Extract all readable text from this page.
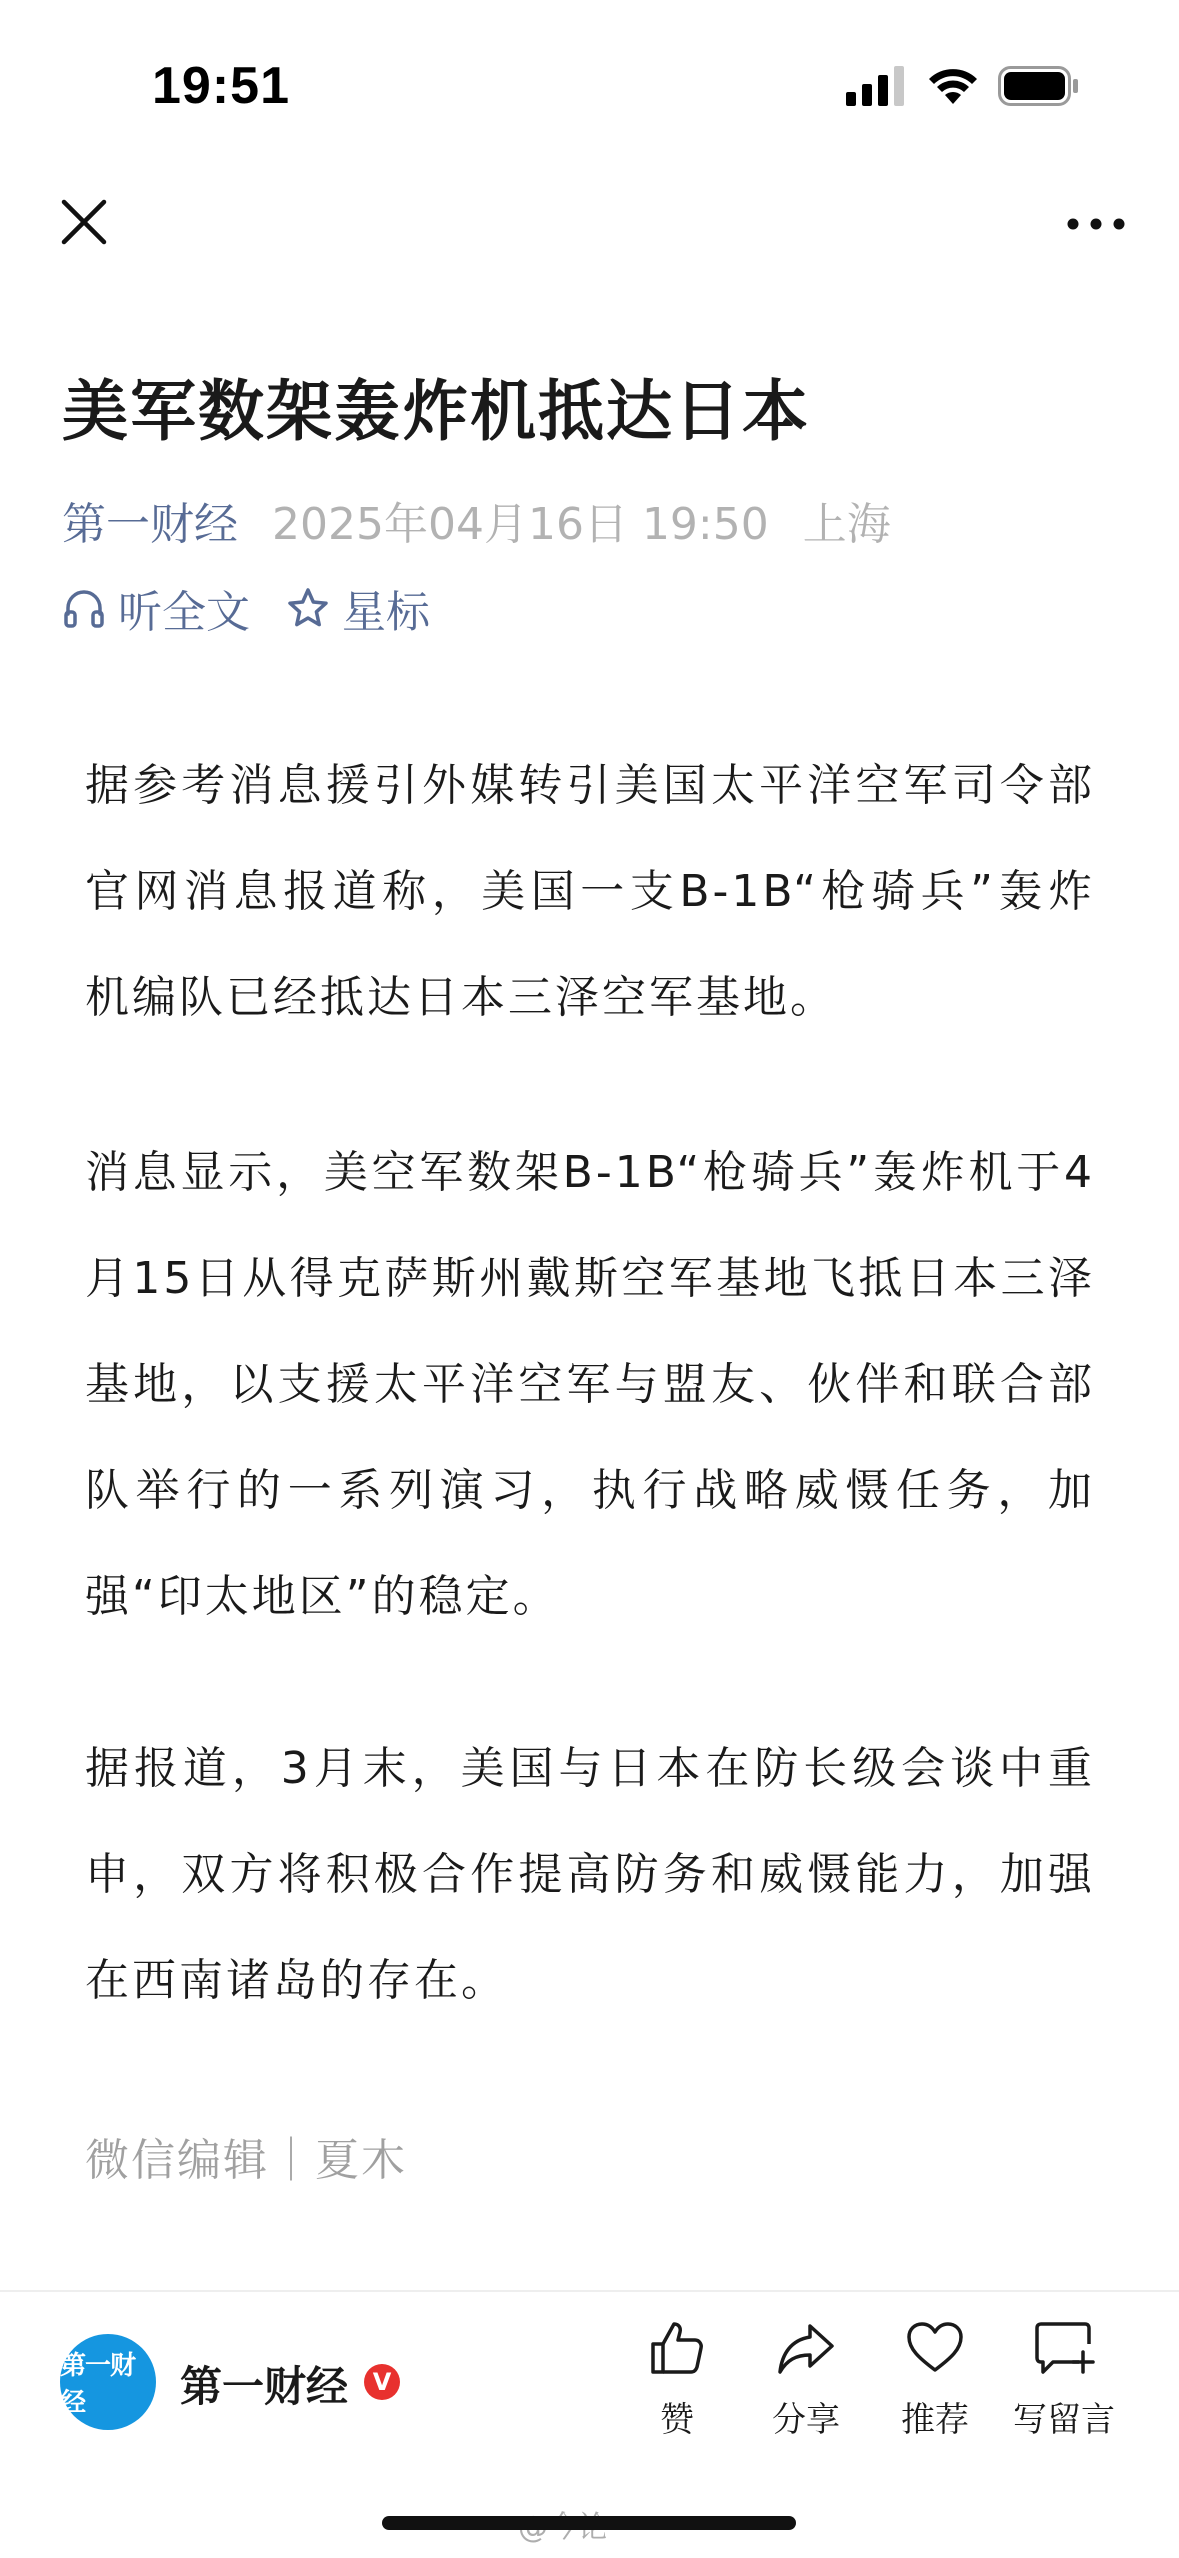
19:51
美军数架轰炸机抵达日本
第一财经 2025年04月16日 19:50 上海
听全文 星标

据参考消息援引外媒转引美国太平洋空军司令部官网消息报道称，美国一支B-1B“枪骑兵”轰炸机编队已经抵达日本三泽空军基地。

消息显示，美空军数架B-1B“枪骑兵”轰炸机于4月15日从得克萨斯州戴斯空军基地飞抵日本三泽基地，以支援太平洋空军与盟友、伙伴和联合部队举行的一系列演习，执行战略威慑任务，加强“印太地区”的稳定。

据报道，3月末，美国与日本在防长级会谈中重申，双方将积极合作提高防务和威慑能力，加强在西南诸岛的存在。

微信编辑｜夏木
第一财经	第一财经	V
赞 分享 推荐 写留言
